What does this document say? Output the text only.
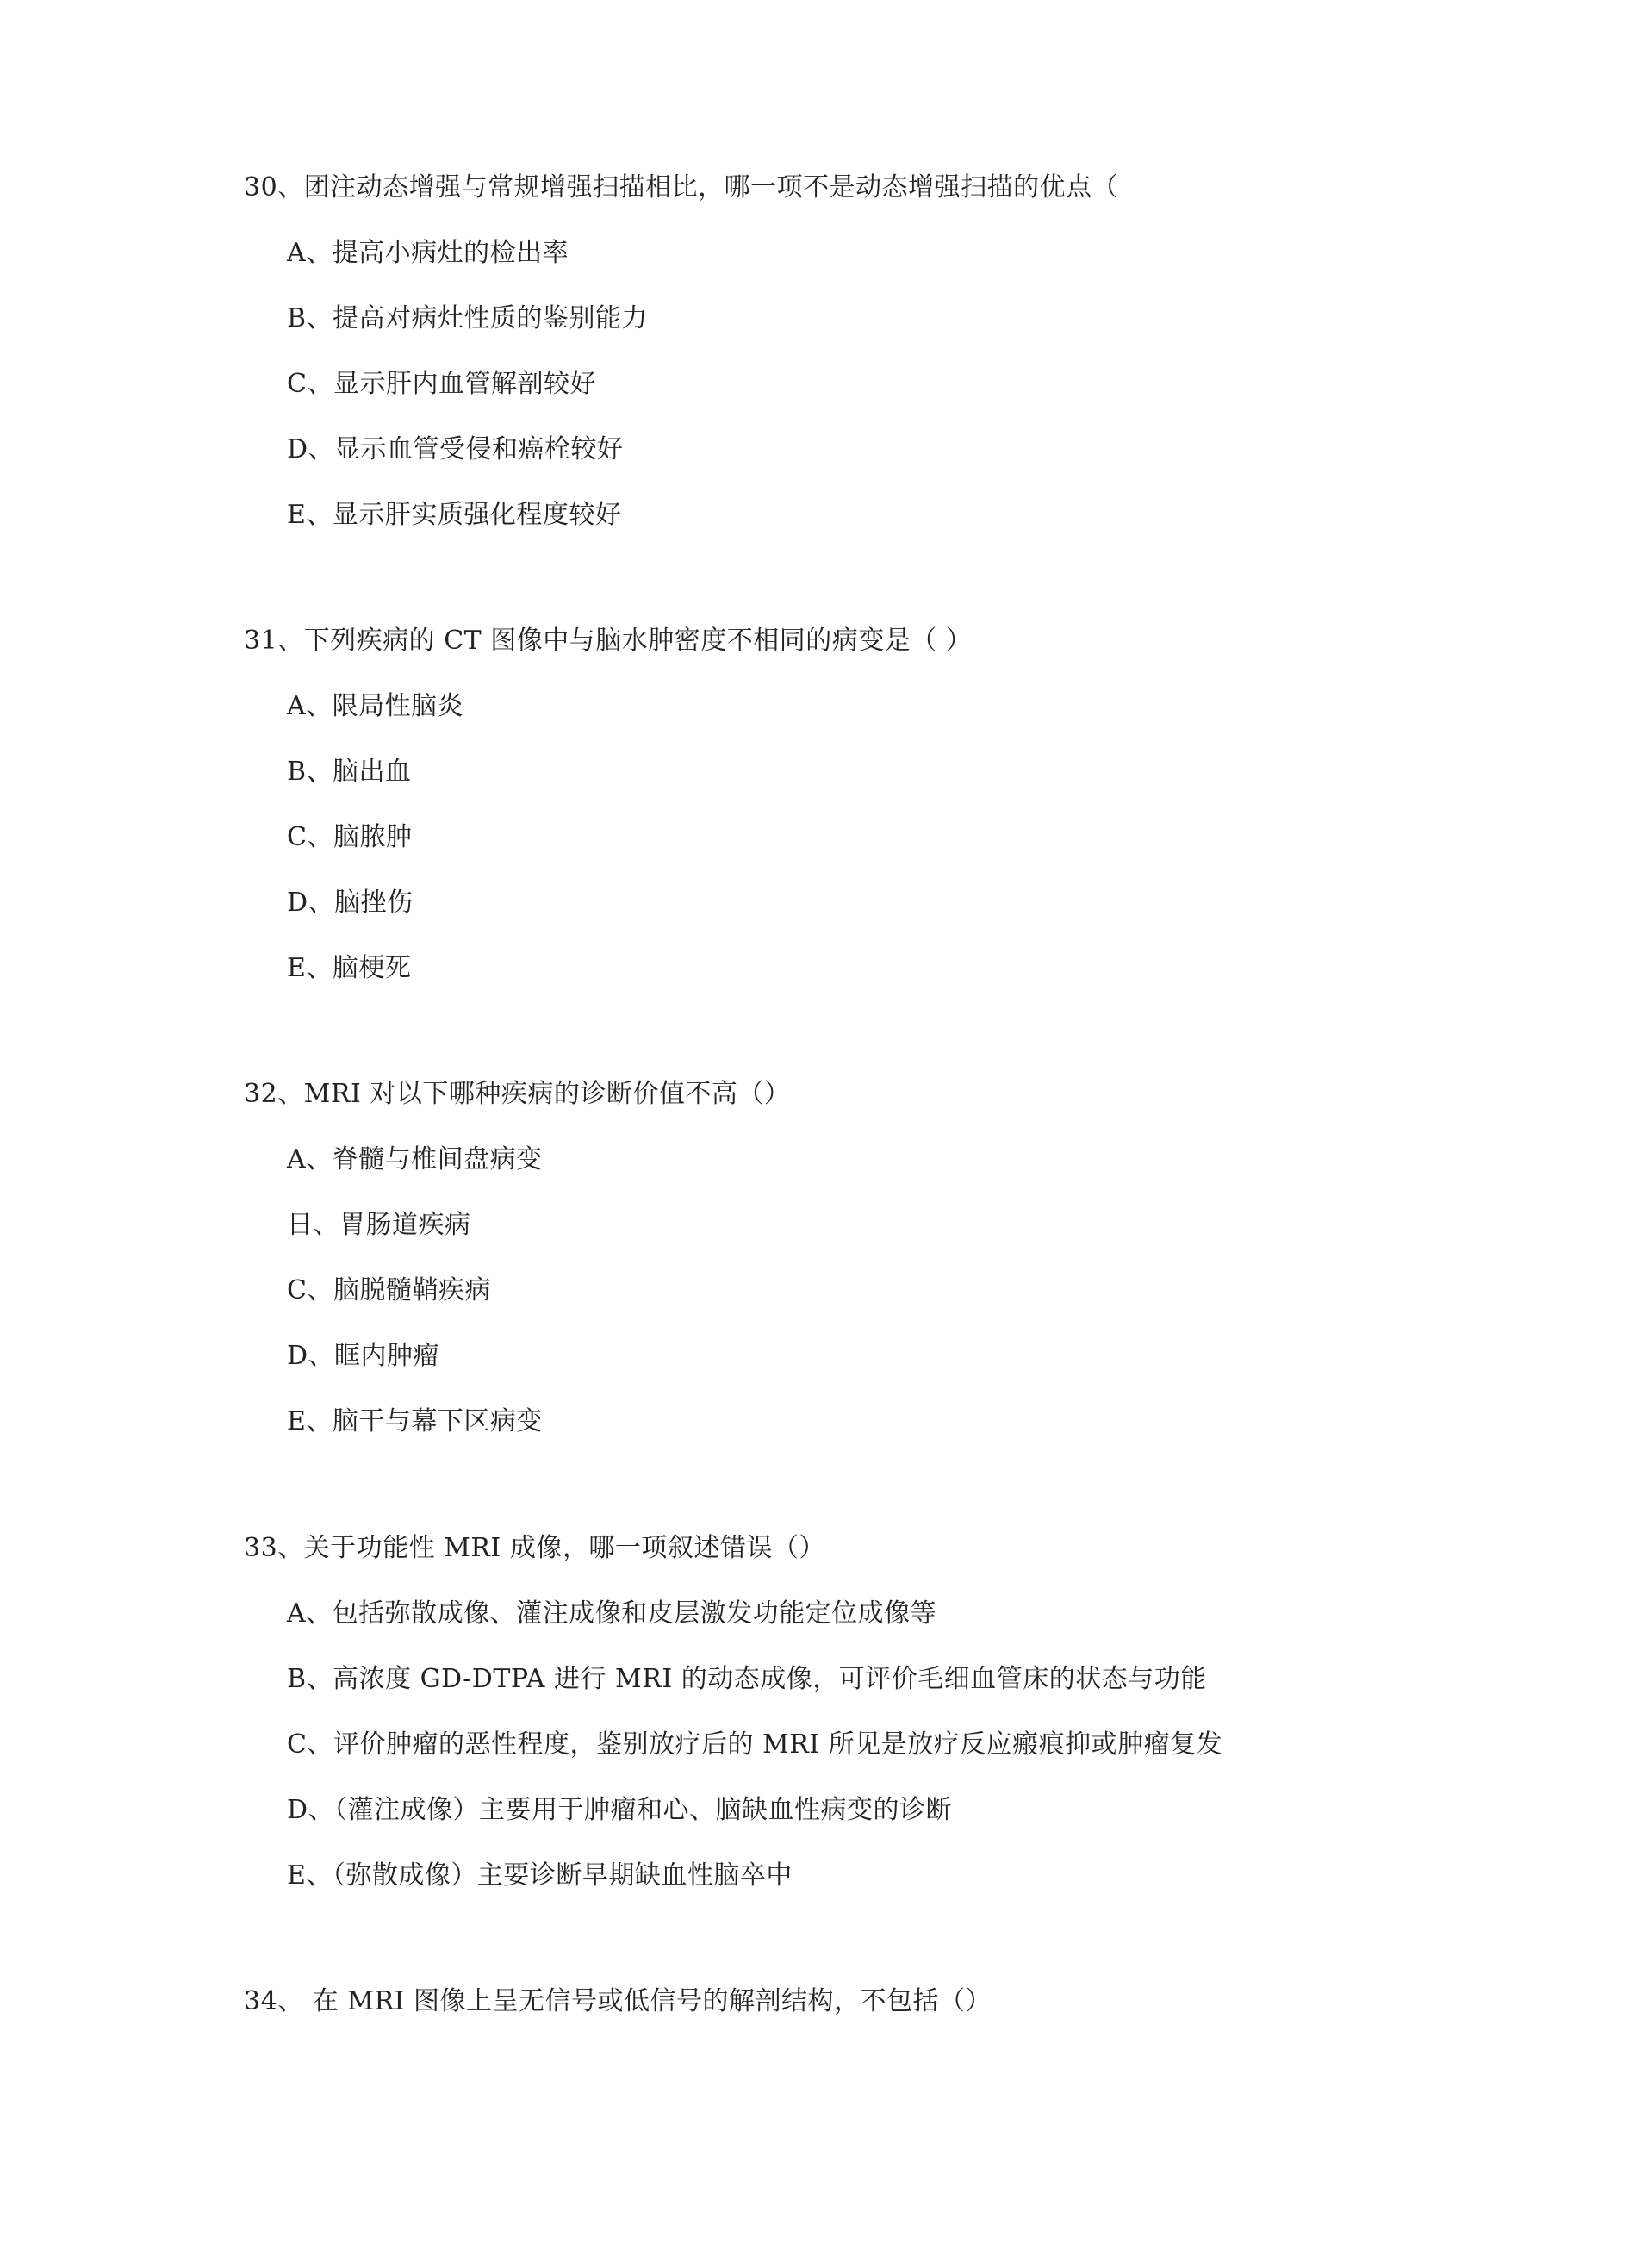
30、团注动态增强与常规增强扫描相比，哪一项不是动态增强扫描的优点（
A、提高小病灶的检出率
B、提高对病灶性质的鉴别能力
C、显示肝内血管解剖较好
D、显示血管受侵和癌栓较好
E、显示肝实质强化程度较好
31、下列疾病的 CT 图像中与脑水肿密度不相同的病变是（ ）
A、限局性脑炎
B、脑出血
C、脑脓肿
D、脑挫伤
E、脑梗死
32、MRI 对以下哪种疾病的诊断价值不高（）
A、脊髓与椎间盘病变
日、胃肠道疾病
C、脑脱髓鞘疾病
D、眶内肿瘤
E、脑干与幕下区病变
33、关于功能性 MRI 成像，哪一项叙述错误（）
A、包括弥散成像、灌注成像和皮层激发功能定位成像等
B、高浓度 GD-DTPA 进行 MRI 的动态成像，可评价毛细血管床的状态与功能
C、评价肿瘤的恶性程度，鉴别放疗后的 MRI 所见是放疗反应瘢痕抑或肿瘤复发
D、（灌注成像）主要用于肿瘤和心、脑缺血性病变的诊断
E、（弥散成像）主要诊断早期缺血性脑卒中
34、 在 MRI 图像上呈无信号或低信号的解剖结构，不包括（）
